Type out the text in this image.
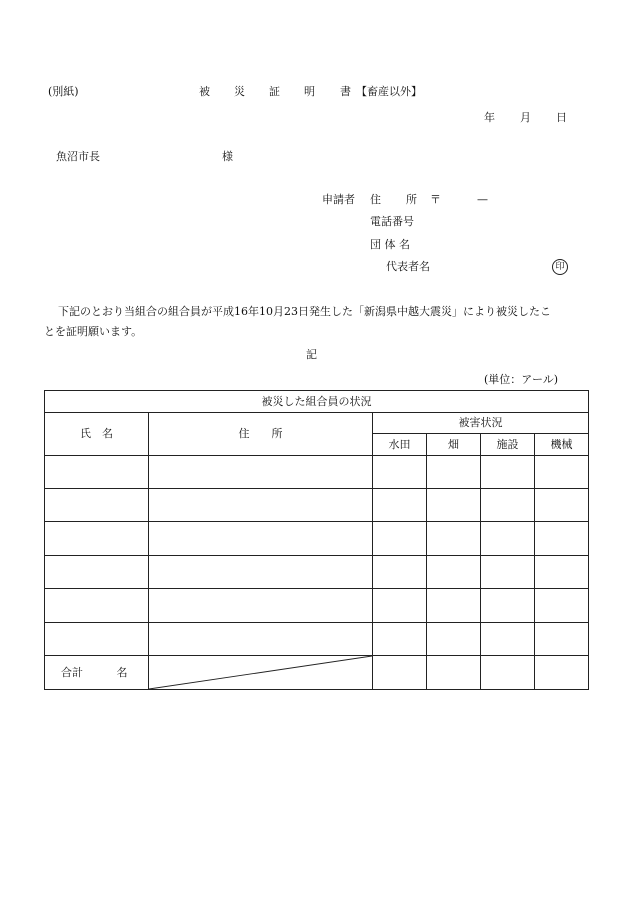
(別紙)	被 災 証 明 書 【畜産以外】
年 月 日
魚沼市長	様
申請者 住 所 〒	—
電話番号
団 体 名
代表者名	印
下記のとおり当組合の組合員が平成16年10月23日発生した「新潟県中越大震災」により被災したこ
とを証明願います。
記
(単位：アール)
被災した組合員の状況					
氏　名	住　　所	被害状況			
		水田	畑	施設	機械

合計 名	
